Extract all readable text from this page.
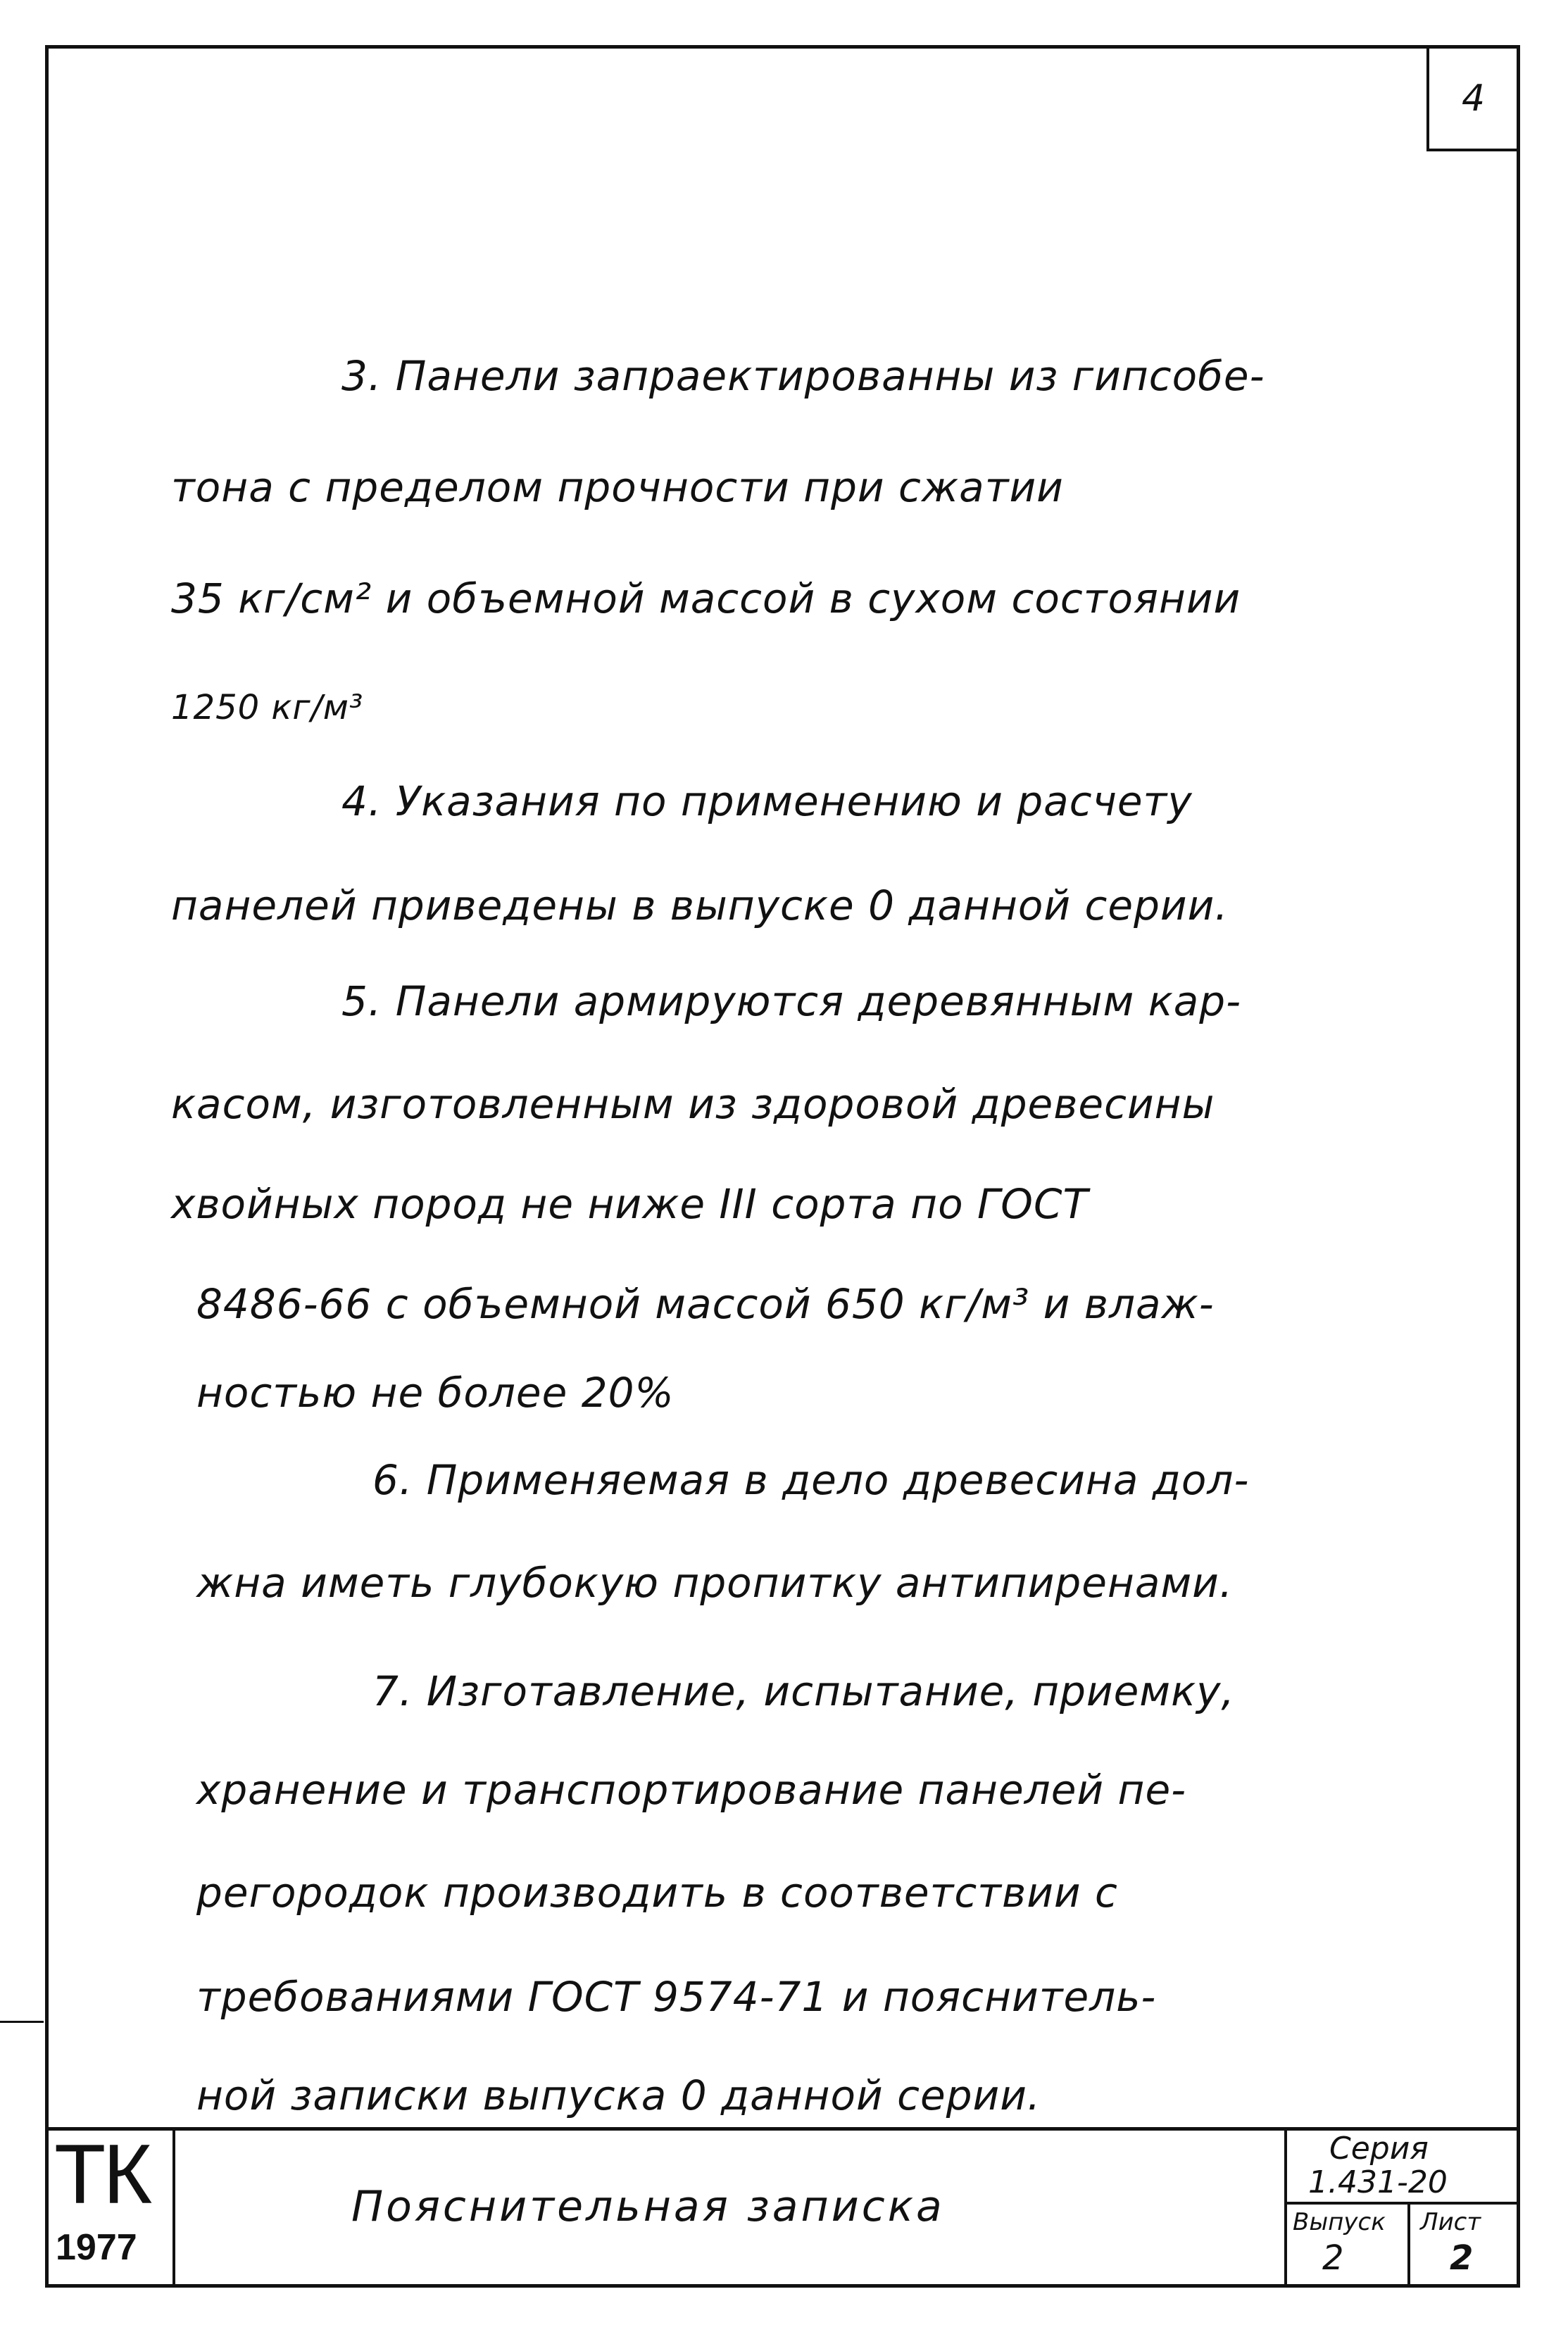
4
3. Панели запраектированны из гипсобе-
тона с пределом прочности при сжатии
35 кг/см² и объемной массой в сухом состоянии
1250 кг/м³
4. Указания по применению и расчету
панелей приведены в выпуске 0 данной серии.
5. Панели армируются деревянным кар-
касом, изготовленным из здоровой древесины
хвойных пород не ниже III сорта по ГОСТ
8486-66 с объемной массой 650 кг/м³ и влаж-
ностью не более 20%
6. Применяемая в дело древесина дол-
жна иметь глубокую пропитку антипиренами.
7. Изготавление, испытание, приемку,
хранение и транспортирование панелей пе-
регородок производить в соответствии с
требованиями ГОСТ 9574-71 и пояснитель-
ной записки выпуска 0 данной серии.
ТК
1977
Пояснительная записка
Серия
1.431-20
Выпуск
2
Лист
2
